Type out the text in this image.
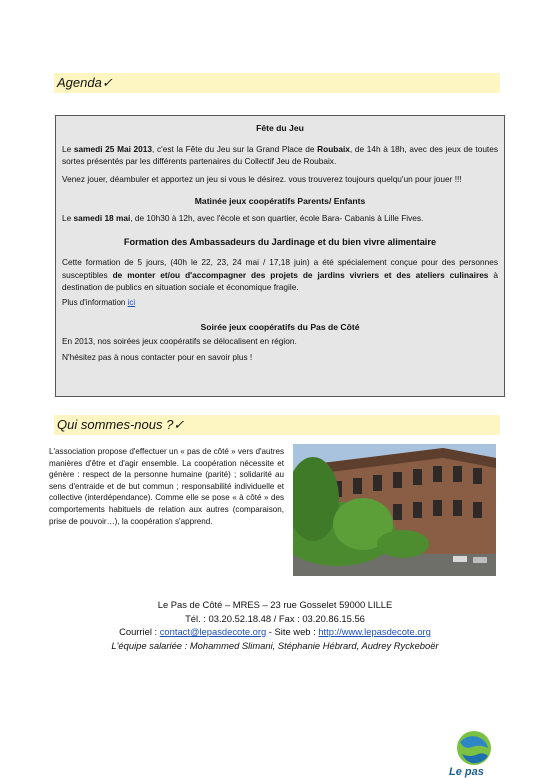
Agenda✓
Fête du Jeu
Le samedi 25 Mai 2013, c'est la Fête du Jeu sur la Grand Place de Roubaix, de 14h à 18h, avec des jeux de toutes sortes présentés par les différents partenaires du Collectif Jeu de Roubaix.
Venez jouer, déambuler et apportez un jeu si vous le désirez. vous trouverez toujours quelqu'un pour jouer !!!
Matinée jeux coopératifs Parents/ Enfants
Le samedi 18 mai, de 10h30 à 12h, avec l'école et son quartier, école Bara- Cabanis à Lille Fives.
Formation des Ambassadeurs du Jardinage et du bien vivre alimentaire
Cette formation de 5 jours, (40h le 22, 23, 24 mai / 17,18 juin) a été spécialement conçue pour des personnes susceptibles de monter et/ou d'accompagner des projets de jardins vivriers et des ateliers culinaires à destination de publics en situation sociale et économique fragile.
Plus d'information ici
Soirée jeux coopératifs du Pas de Côté
En 2013, nos soirées jeux coopératifs se délocalisent en région.
N'hésitez pas à nous contacter pour en savoir plus !
Qui sommes-nous ?✓
L'association propose d'effectuer un « pas de côté » vers d'autres manières d'être et d'agir ensemble. La coopération nécessite et génère : respect de la personne humaine (parité) ; solidarité au sens d'entraide et de but commun ; responsabilité individuelle et collective (interdépendance). Comme elle se pose « à côté » des comportements habituels de relation aux autres (comparaison, prise de pouvoir…), la coopération s'apprend.
Le Pas de Côté – MRES – 23 rue Gosselet 59000 LILLE
Tél. : 03.20.52.18.48 / Fax : 03.20.86.15.56
Courriel : contact@lepasdecote.org - Site web : http://www.lepasdecote.org
L'équipe salariée : Mohammed Slimani, Stéphanie Hébrard, Audrey Ryckeboër
Le pas
